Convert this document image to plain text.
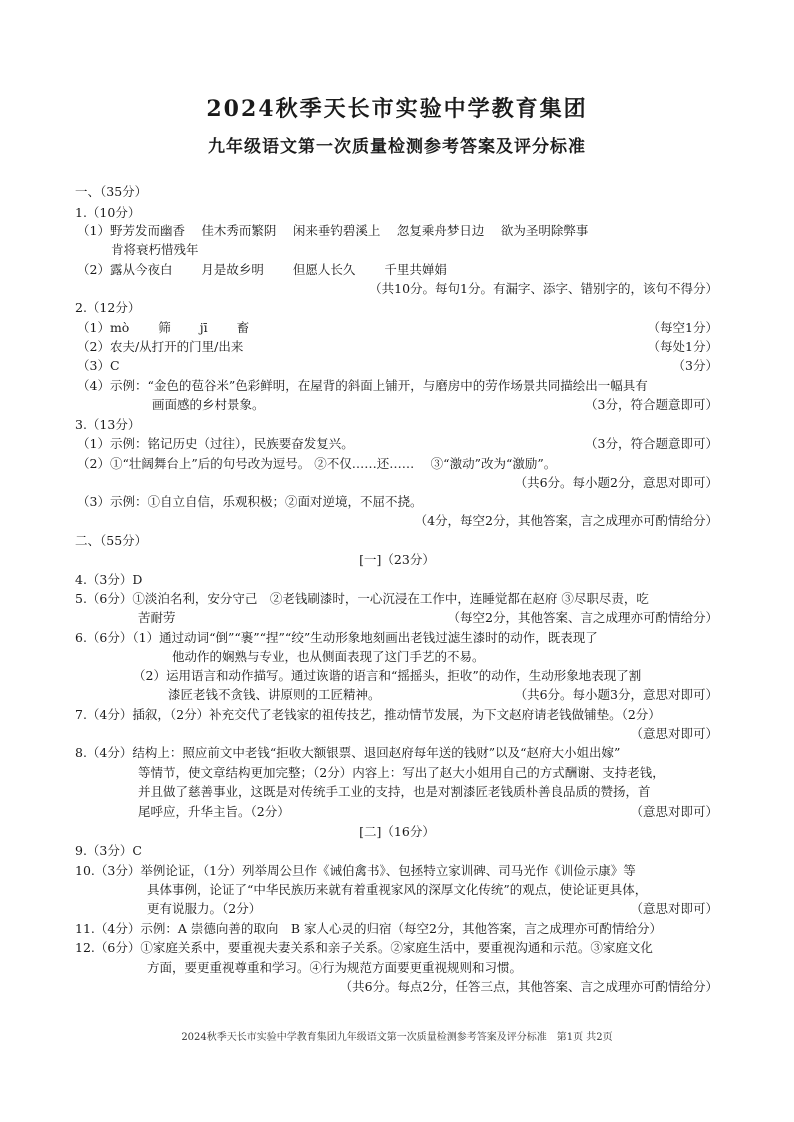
2024秋季天长市实验中学教育集团
九年级语文第一次质量检测参考答案及评分标准
一、（35分）
1.（10分）
（1）野芳发而幽香　 佳木秀而繁阴　 闲来垂钓碧溪上　 忽复乘舟梦日边　 欲为圣明除弊事
肯将衰朽惜残年
（2）露从今夜白　　 月是故乡明　　 但愿人长久　　 千里共婵娟
（共10分。每句1分。有漏字、添字、错别字的，该句不得分）
2.（12分）
（1）mò　　 筛　　 jī　　 畜	（每空1分）
（2）农夫/从打开的门里/出来	（每处1分）
（3）C	（3分）
（4）示例：“金色的苞谷米”色彩鲜明，在屋背的斜面上铺开，与磨房中的劳作场景共同描绘出一幅具有
画面感的乡村景象。	（3分，符合题意即可）
3.（13分）
（1）示例：铭记历史（过往），民族要奋发复兴。	（3分，符合题意即可）
（2）①“壮阔舞台上”后的句号改为逗号。 ②不仅……还…… 　③“激动”改为“激励”。
（共6分。每小题2分，意思对即可）
（3）示例：①自立自信，乐观积极；②面对逆境，不屈不挠。
（4分，每空2分，其他答案，言之成理亦可酌情给分）
二、（55分）
[一]（23分）
4.（3分）D
5.（6分）①淡泊名利，安分守己　②老钱刷漆时，一心沉浸在工作中，连睡觉都在赵府 ③尽职尽责，吃
苦耐劳	（每空2分，其他答案、言之成理亦可酌情给分）
6.（6分）（1）通过动词“倒”“裹”“捏”“绞”生动形象地刻画出老钱过滤生漆时的动作，既表现了
他动作的娴熟与专业，也从侧面表现了这门手艺的不易。
（2）运用语言和动作描写。通过诙谐的语言和“摇摇头，拒收”的动作，生动形象地表现了割
漆匠老钱不贪钱、讲原则的工匠精神。	（共6分。每小题3分，意思对即可）
7.（4分）插叙，（2分）补充交代了老钱家的祖传技艺，推动情节发展，为下文赵府请老钱做铺垫。（2分）
（意思对即可）
8.（4分）结构上：照应前文中老钱“拒收大额银票、退回赵府每年送的钱财”以及“赵府大小姐出嫁”
等情节，使文章结构更加完整；（2分）内容上：写出了赵大小姐用自己的方式酬谢、支持老钱，
并且做了慈善事业，这既是对传统手工业的支持，也是对割漆匠老钱质朴善良品质的赞扬，首
尾呼应，升华主旨。（2分）	（意思对即可）
[二]（16分）
9.（3分）C
10.（3分）举例论证，（1分）列举周公旦作《诫伯禽书》、包拯特立家训碑、司马光作《训俭示康》等
具体事例，论证了“中华民族历来就有着重视家风的深厚文化传统”的观点，使论证更具体，
更有说服力。（2分）	（意思对即可）
11.（4分）示例：A 崇德向善的取向　B 家人心灵的归宿（每空2分，其他答案，言之成理亦可酌情给分）
12.（6分）①家庭关系中，要重视夫妻关系和亲子关系。②家庭生活中，要重视沟通和示范。③家庭文化
方面，要更重视尊重和学习。④行为规范方面要更重视规则和习惯。
（共6分。每点2分，任答三点，其他答案、言之成理亦可酌情给分）
2024秋季天长市实验中学教育集团九年级语文第一次质量检测参考答案及评分标准　第1页 共2页
